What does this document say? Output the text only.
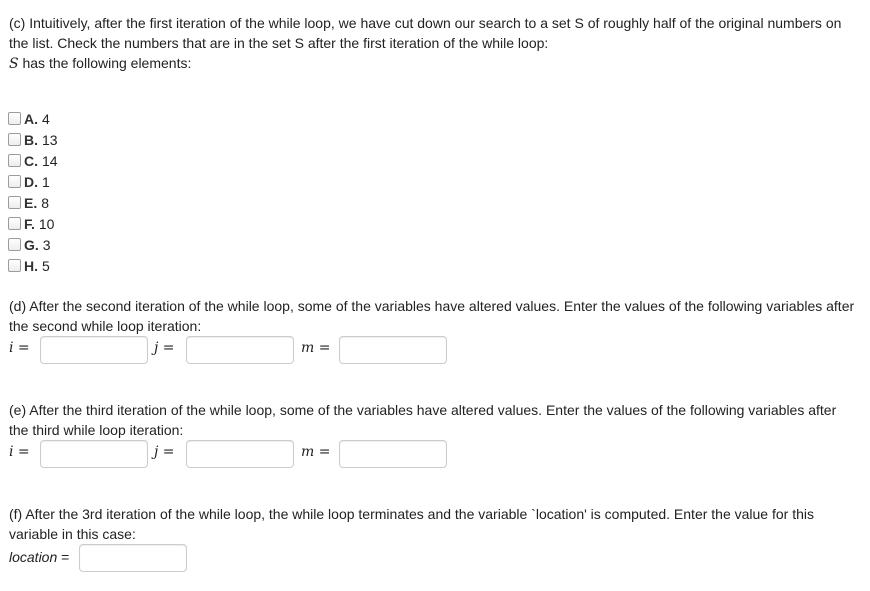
(c) Intuitively, after the first iteration of the while loop, we have cut down our search to a set S of roughly half of the original numbers on
the list. Check the numbers that are in the set S after the first iteration of the while loop:
S has the following elements:

A. 4
B. 13
C. 14
D. 1
E. 8
F. 10
G. 3
H. 5

(d) After the second iteration of the while loop, some of the variables have altered values. Enter the values of the following variables after
the second while loop iteration:

i =	j =	m =

(e) After the third iteration of the while loop, some of the variables have altered values. Enter the values of the following variables after
the third while loop iteration:

i =	j =	m =

(f) After the 3rd iteration of the while loop, the while loop terminates and the variable `location' is computed. Enter the value for this
variable in this case:

location =
